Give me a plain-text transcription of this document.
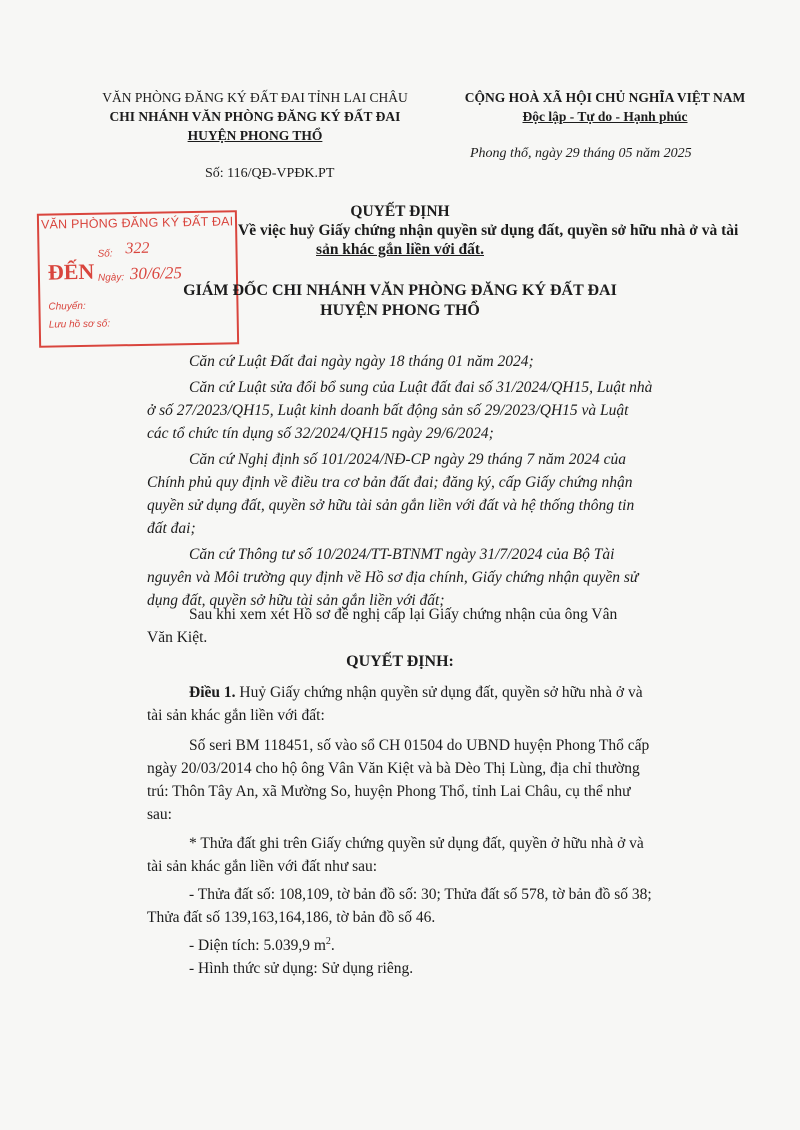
VĂN PHÒNG ĐĂNG KÝ ĐẤT ĐAI TỈNH LAI CHÂU
CHI NHÁNH VĂN PHÒNG ĐĂNG KÝ ĐẤT ĐAI
HUYỆN PHONG THỔ
Số: 116/QĐ-VPĐK.PT
CỘNG HOÀ XÃ HỘI CHỦ NGHĨA VIỆT NAM
Độc lập - Tự do - Hạnh phúc
Phong thổ, ngày 29 tháng 05 năm 2025
VĂN PHÒNG ĐĂNG KÝ ĐẤT ĐAI
ĐẾN
Số: 322
Ngày: 30/6/25
Chuyển:
Lưu hồ sơ số:
QUYẾT ĐỊNH
Về việc huỷ Giấy chứng nhận quyền sử dụng đất, quyền sở hữu nhà ở và tài
sản khác gắn liền với đất.
GIÁM ĐỐC CHI NHÁNH VĂN PHÒNG ĐĂNG KÝ ĐẤT ĐAI
HUYỆN PHONG THỔ
Căn cứ Luật Đất đai ngày ngày 18 tháng 01 năm 2024;
Căn cứ Luật sửa đổi bổ sung của Luật đất đai số 31/2024/QH15, Luật nhà
ở số 27/2023/QH15, Luật kinh doanh bất động sản số 29/2023/QH15 và Luật
các tổ chức tín dụng số 32/2024/QH15 ngày 29/6/2024;
Căn cứ Nghị định số 101/2024/NĐ-CP ngày 29 tháng 7 năm 2024 của
Chính phủ quy định về điều tra cơ bản đất đai; đăng ký, cấp Giấy chứng nhận
quyền sử dụng đất, quyền sở hữu tài sản gắn liền với đất và hệ thống thông tin
đất đai;
Căn cứ Thông tư số 10/2024/TT-BTNMT ngày 31/7/2024 của Bộ Tài
nguyên và Môi trường quy định về Hồ sơ địa chính, Giấy chứng nhận quyền sử
dụng đất, quyền sở hữu tài sản gắn liền với đất;
Sau khi xem xét Hồ sơ đề nghị cấp lại Giấy chứng nhận của ông Vân
Văn Kiệt.
QUYẾT ĐỊNH:
Điều 1. Huỷ Giấy chứng nhận quyền sử dụng đất, quyền sở hữu nhà ở và
tài sản khác gắn liền với đất:
Số seri BM 118451, số vào sổ CH 01504 do UBND huyện Phong Thổ cấp
ngày 20/03/2014 cho hộ ông Vân Văn Kiệt và bà Dèo Thị Lùng, địa chỉ thường
trú: Thôn Tây An, xã Mường So, huyện Phong Thổ, tỉnh Lai Châu, cụ thể như
sau:
* Thửa đất ghi trên Giấy chứng quyền sử dụng đất, quyền ở hữu nhà ở và
tài sản khác gắn liền với đất như sau:
- Thửa đất số: 108,109, tờ bản đồ số: 30; Thửa đất số 578, tờ bản đồ số 38;
Thửa đất số 139,163,164,186, tờ bản đồ số 46.
- Diện tích: 5.039,9 $m^2$.
- Hình thức sử dụng: Sử dụng riêng.
